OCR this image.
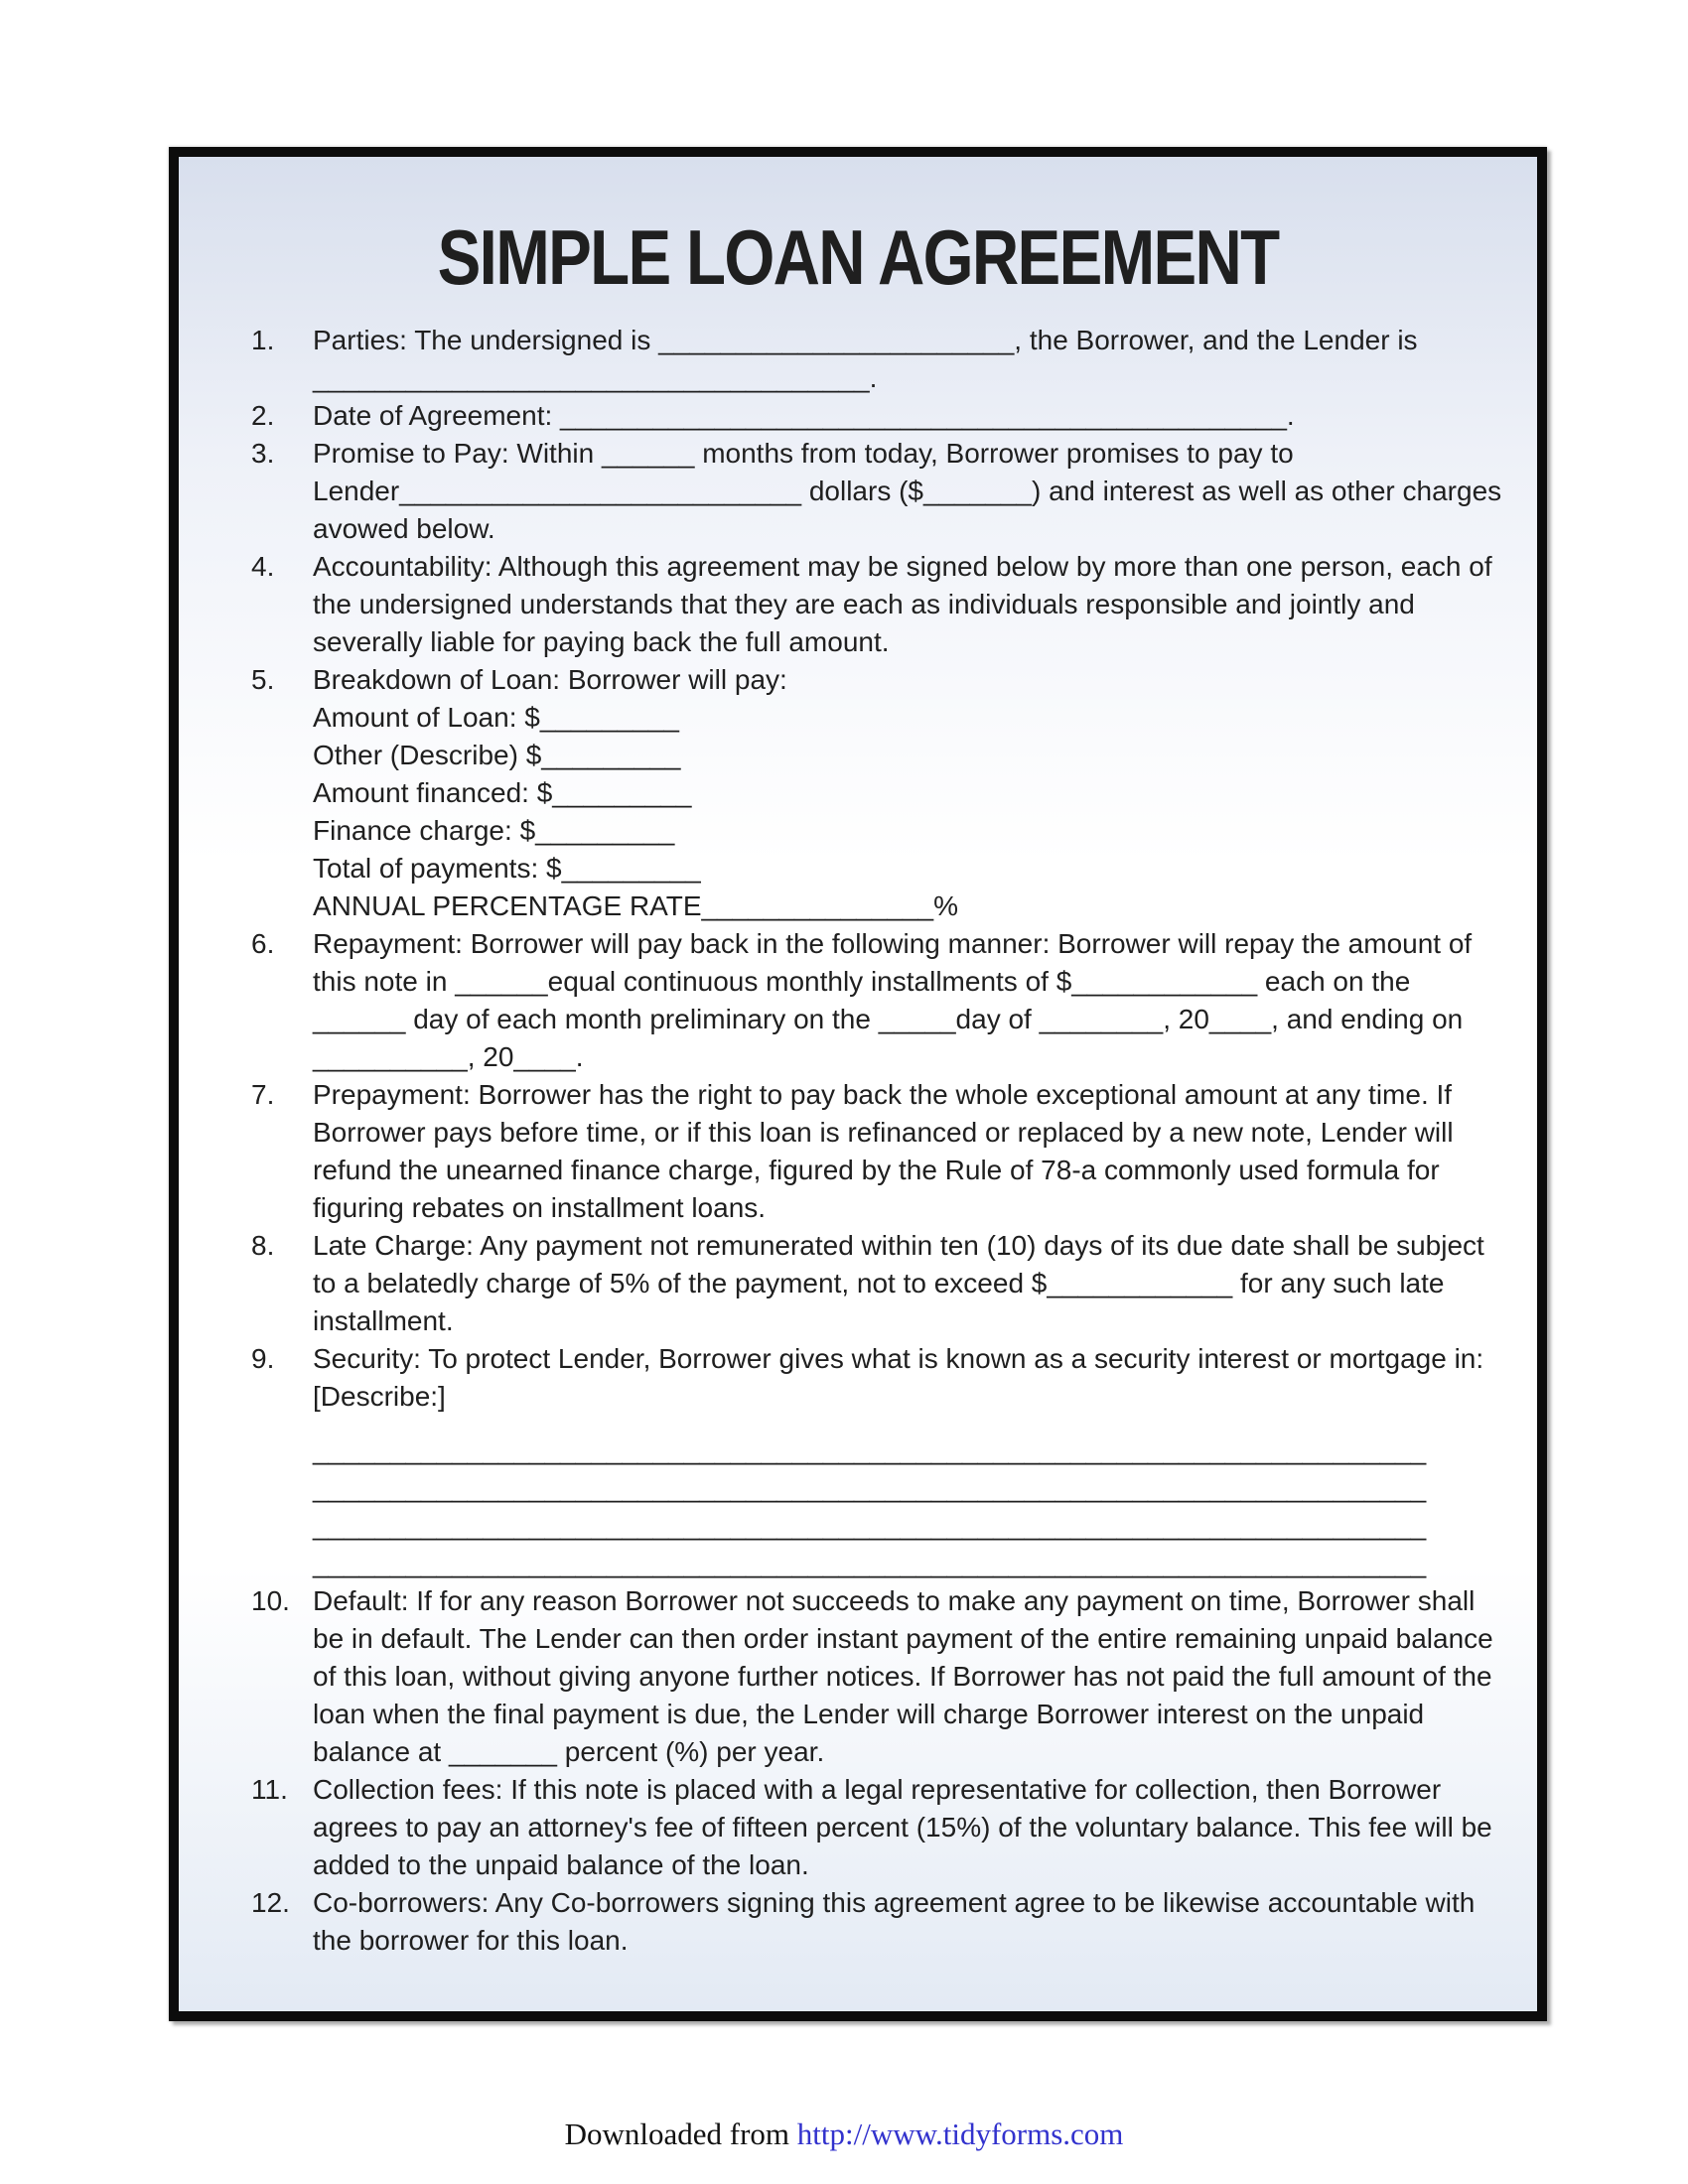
SIMPLE LOAN AGREEMENT
1.	Parties: The undersigned is _______________________, the Borrower, and the Lender is ____________________________________.
2.	Date of Agreement: _______________________________________________.
3.	Promise to Pay: Within ______ months from today, Borrower promises to pay to Lender__________________________ dollars ($_______) and interest as well as other charges avowed below.
4.	Accountability: Although this agreement may be signed below by more than one person, each of the undersigned understands that they are each as individuals responsible and jointly and severally liable for paying back the full amount.
5.	Breakdown of Loan: Borrower will pay:
Amount of Loan: $_________
Other (Describe) $_________
Amount financed: $_________
Finance charge: $_________
Total of payments: $_________
ANNUAL PERCENTAGE RATE_______________%
6.	Repayment: Borrower will pay back in the following manner: Borrower will repay the amount of this note in ______equal continuous monthly installments of $____________ each on the ______ day of each month preliminary on the _____day of ________, 20____, and ending on __________, 20____.
7.	Prepayment: Borrower has the right to pay back the whole exceptional amount at any time. If Borrower pays before time, or if this loan is refinanced or replaced by a new note, Lender will refund the unearned finance charge, figured by the Rule of 78-a commonly used formula for figuring rebates on installment loans.
8.	Late Charge: Any payment not remunerated within ten (10) days of its due date shall be subject to a belatedly charge of 5% of the payment, not to exceed $____________ for any such late installment.
9.	Security: To protect Lender, Borrower gives what is known as a security interest or mortgage in: [Describe:]
________________________________________________________________________
________________________________________________________________________
________________________________________________________________________
________________________________________________________________________
10. Default: If for any reason Borrower not succeeds to make any payment on time, Borrower shall be in default. The Lender can then order instant payment of the entire remaining unpaid balance of this loan, without giving anyone further notices. If Borrower has not paid the full amount of the loan when the final payment is due, the Lender will charge Borrower interest on the unpaid balance at _______ percent (%) per year.
11. Collection fees: If this note is placed with a legal representative for collection, then Borrower agrees to pay an attorney's fee of fifteen percent (15%) of the voluntary balance. This fee will be added to the unpaid balance of the loan.
12. Co-borrowers: Any Co-borrowers signing this agreement agree to be likewise accountable with the borrower for this loan.
Downloaded from http://www.tidyforms.com
